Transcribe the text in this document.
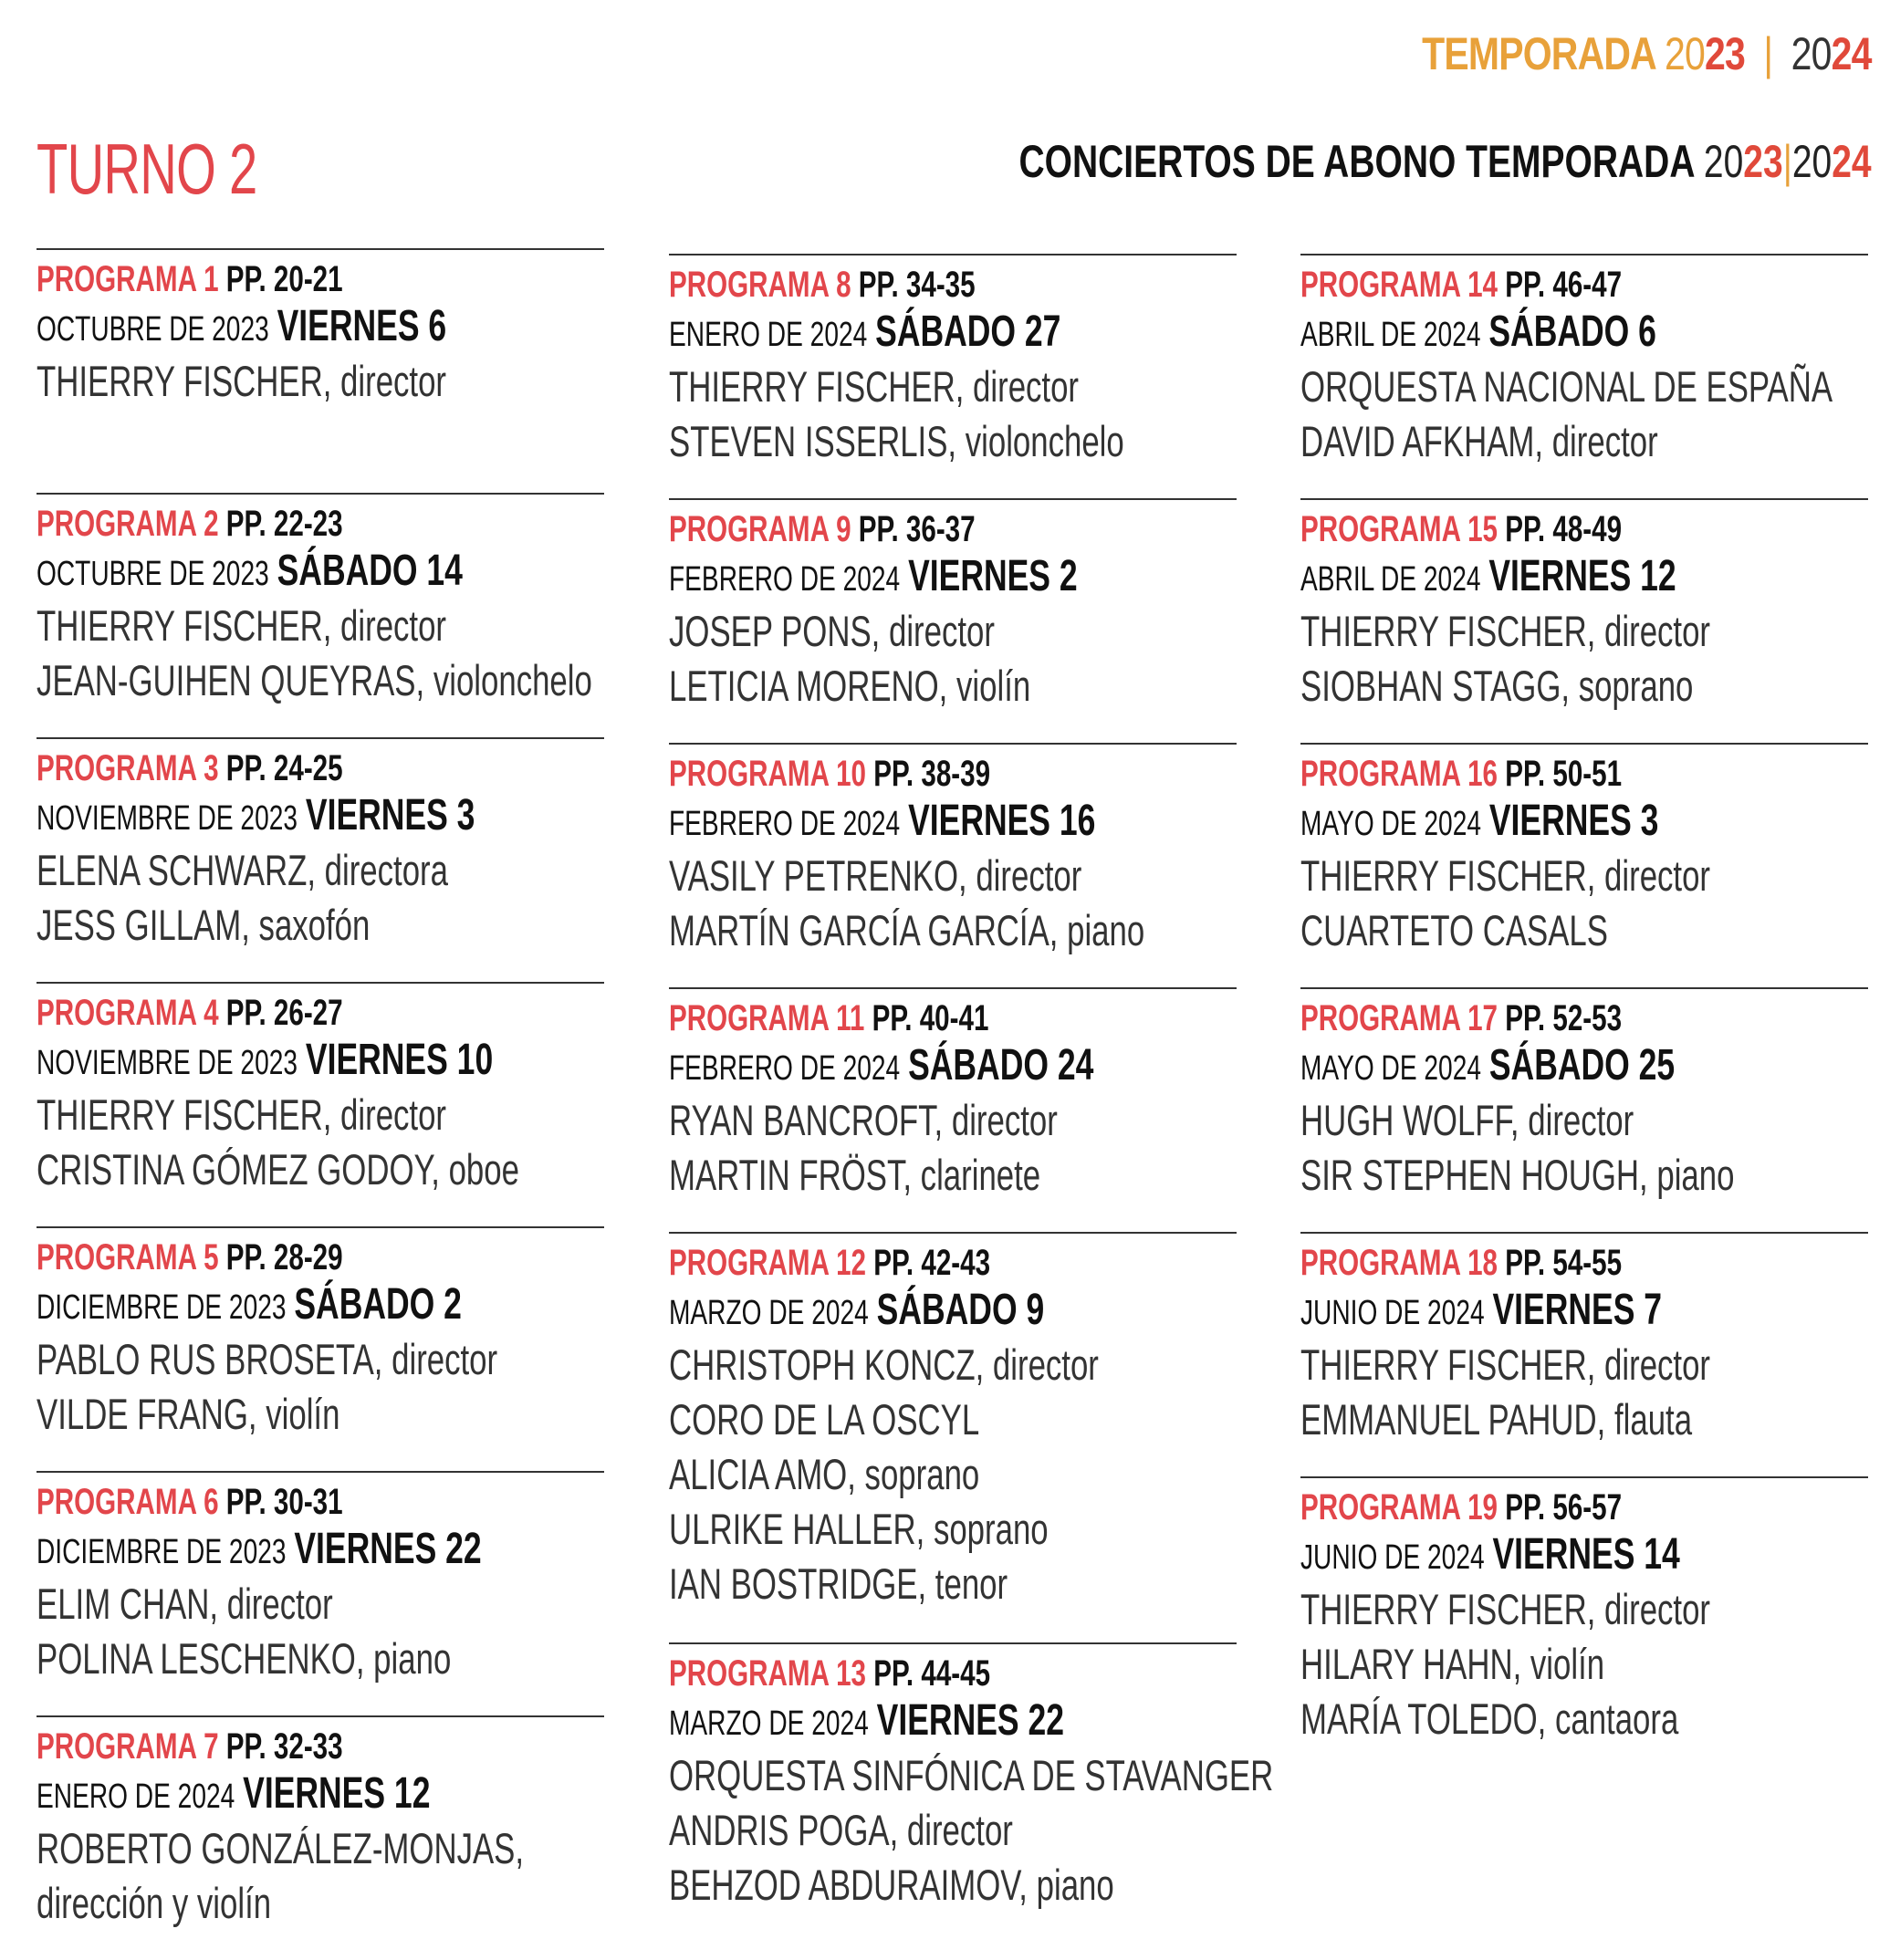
TEMPORADA 2023 | 2024
TURNO 2	CONCIERTOS DE ABONO TEMPORADA 2023|2024
PROGRAMA 1 PP. 20-21
OCTUBRE DE 2023 VIERNES 6
THIERRY FISCHER, director
PROGRAMA 2 PP. 22-23
OCTUBRE DE 2023 SÁBADO 14
THIERRY FISCHER, director
JEAN-GUIHEN QUEYRAS, violonchelo
PROGRAMA 3 PP. 24-25
NOVIEMBRE DE 2023 VIERNES 3
ELENA SCHWARZ, directora
JESS GILLAM, saxofón
PROGRAMA 4 PP. 26-27
NOVIEMBRE DE 2023 VIERNES 10
THIERRY FISCHER, director
CRISTINA GÓMEZ GODOY, oboe
PROGRAMA 5 PP. 28-29
DICIEMBRE DE 2023 SÁBADO 2
PABLO RUS BROSETA, director
VILDE FRANG, violín
PROGRAMA 6 PP. 30-31
DICIEMBRE DE 2023 VIERNES 22
ELIM CHAN, director
POLINA LESCHENKO, piano
PROGRAMA 7 PP. 32-33
ENERO DE 2024 VIERNES 12
ROBERTO GONZÁLEZ-MONJAS,
dirección y violín
PROGRAMA 8 PP. 34-35
ENERO DE 2024 SÁBADO 27
THIERRY FISCHER, director
STEVEN ISSERLIS, violonchelo
PROGRAMA 9 PP. 36-37
FEBRERO DE 2024 VIERNES 2
JOSEP PONS, director
LETICIA MORENO, violín
PROGRAMA 10 PP. 38-39
FEBRERO DE 2024 VIERNES 16
VASILY PETRENKO, director
MARTÍN GARCÍA GARCÍA, piano
PROGRAMA 11 PP. 40-41
FEBRERO DE 2024 SÁBADO 24
RYAN BANCROFT, director
MARTIN FRÖST, clarinete
PROGRAMA 12 PP. 42-43
MARZO DE 2024 SÁBADO 9
CHRISTOPH KONCZ, director
CORO DE LA OSCYL
ALICIA AMO, soprano
ULRIKE HALLER, soprano
IAN BOSTRIDGE, tenor
PROGRAMA 13 PP. 44-45
MARZO DE 2024 VIERNES 22
ORQUESTA SINFÓNICA DE STAVANGER
ANDRIS POGA, director
BEHZOD ABDURAIMOV, piano
PROGRAMA 14 PP. 46-47
ABRIL DE 2024 SÁBADO 6
ORQUESTA NACIONAL DE ESPAÑA
DAVID AFKHAM, director
PROGRAMA 15 PP. 48-49
ABRIL DE 2024 VIERNES 12
THIERRY FISCHER, director
SIOBHAN STAGG, soprano
PROGRAMA 16 PP. 50-51
MAYO DE 2024 VIERNES 3
THIERRY FISCHER, director
CUARTETO CASALS
PROGRAMA 17 PP. 52-53
MAYO DE 2024 SÁBADO 25
HUGH WOLFF, director
SIR STEPHEN HOUGH, piano
PROGRAMA 18 PP. 54-55
JUNIO DE 2024 VIERNES 7
THIERRY FISCHER, director
EMMANUEL PAHUD, flauta
PROGRAMA 19 PP. 56-57
JUNIO DE 2024 VIERNES 14
THIERRY FISCHER, director
HILARY HAHN, violín
MARÍA TOLEDO, cantaora
